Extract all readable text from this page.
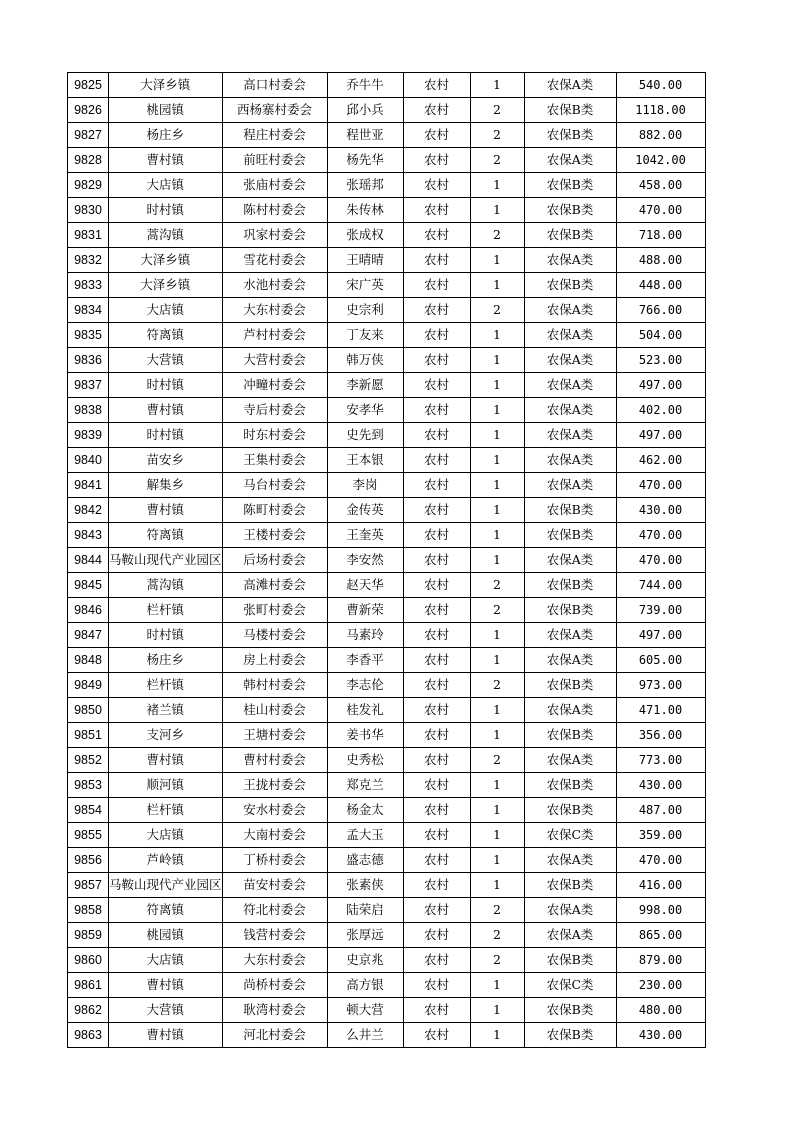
9825	大泽乡镇	高口村委会	乔牛牛	农村	1	农保A类	540.00
9826	桃园镇	西杨寨村委会	邱小兵	农村	2	农保B类	1118.00
9827	杨庄乡	程庄村委会	程世亚	农村	2	农保B类	882.00
9828	曹村镇	前旺村委会	杨先华	农村	2	农保A类	1042.00
9829	大店镇	张庙村委会	张瑶邦	农村	1	农保B类	458.00
9830	时村镇	陈村村委会	朱传林	农村	1	农保B类	470.00
9831	蒿沟镇	巩家村委会	张成权	农村	2	农保B类	718.00
9832	大泽乡镇	雪花村委会	王晴晴	农村	1	农保A类	488.00
9833	大泽乡镇	水池村委会	宋广英	农村	1	农保B类	448.00
9834	大店镇	大东村委会	史宗利	农村	2	农保A类	766.00
9835	符离镇	芦村村委会	丁友来	农村	1	农保A类	504.00
9836	大营镇	大营村委会	韩万侠	农村	1	农保A类	523.00
9837	时村镇	冲疃村委会	李新愿	农村	1	农保A类	497.00
9838	曹村镇	寺后村委会	安孝华	农村	1	农保A类	402.00
9839	时村镇	时东村委会	史先到	农村	1	农保A类	497.00
9840	苗安乡	王集村委会	王本银	农村	1	农保A类	462.00
9841	解集乡	马台村委会	李岗	农村	1	农保A类	470.00
9842	曹村镇	陈町村委会	金传英	农村	1	农保B类	430.00
9843	符离镇	王楼村委会	王奎英	农村	1	农保B类	470.00
9844	马鞍山现代产业园区	后场村委会	李安然	农村	1	农保A类	470.00
9845	蒿沟镇	高滩村委会	赵天华	农村	2	农保B类	744.00
9846	栏杆镇	张町村委会	曹新荣	农村	2	农保B类	739.00
9847	时村镇	马楼村委会	马素玲	农村	1	农保A类	497.00
9848	杨庄乡	房上村委会	李香平	农村	1	农保A类	605.00
9849	栏杆镇	韩村村委会	李志伦	农村	2	农保B类	973.00
9850	褚兰镇	桂山村委会	桂发礼	农村	1	农保A类	471.00
9851	支河乡	王塘村委会	姜书华	农村	1	农保B类	356.00
9852	曹村镇	曹村村委会	史秀松	农村	2	农保A类	773.00
9853	顺河镇	王拢村委会	郑克兰	农村	1	农保B类	430.00
9854	栏杆镇	安水村委会	杨金太	农村	1	农保B类	487.00
9855	大店镇	大南村委会	孟大玉	农村	1	农保C类	359.00
9856	芦岭镇	丁桥村委会	盛志德	农村	1	农保A类	470.00
9857	马鞍山现代产业园区	苗安村委会	张素侠	农村	1	农保B类	416.00
9858	符离镇	符北村委会	陆荣启	农村	2	农保A类	998.00
9859	桃园镇	钱营村委会	张厚远	农村	2	农保A类	865.00
9860	大店镇	大东村委会	史京兆	农村	2	农保B类	879.00
9861	曹村镇	尚桥村委会	高方银	农村	1	农保C类	230.00
9862	大营镇	耿湾村委会	顿大营	农村	1	农保B类	480.00
9863	曹村镇	河北村委会	么井兰	农村	1	农保B类	430.00
